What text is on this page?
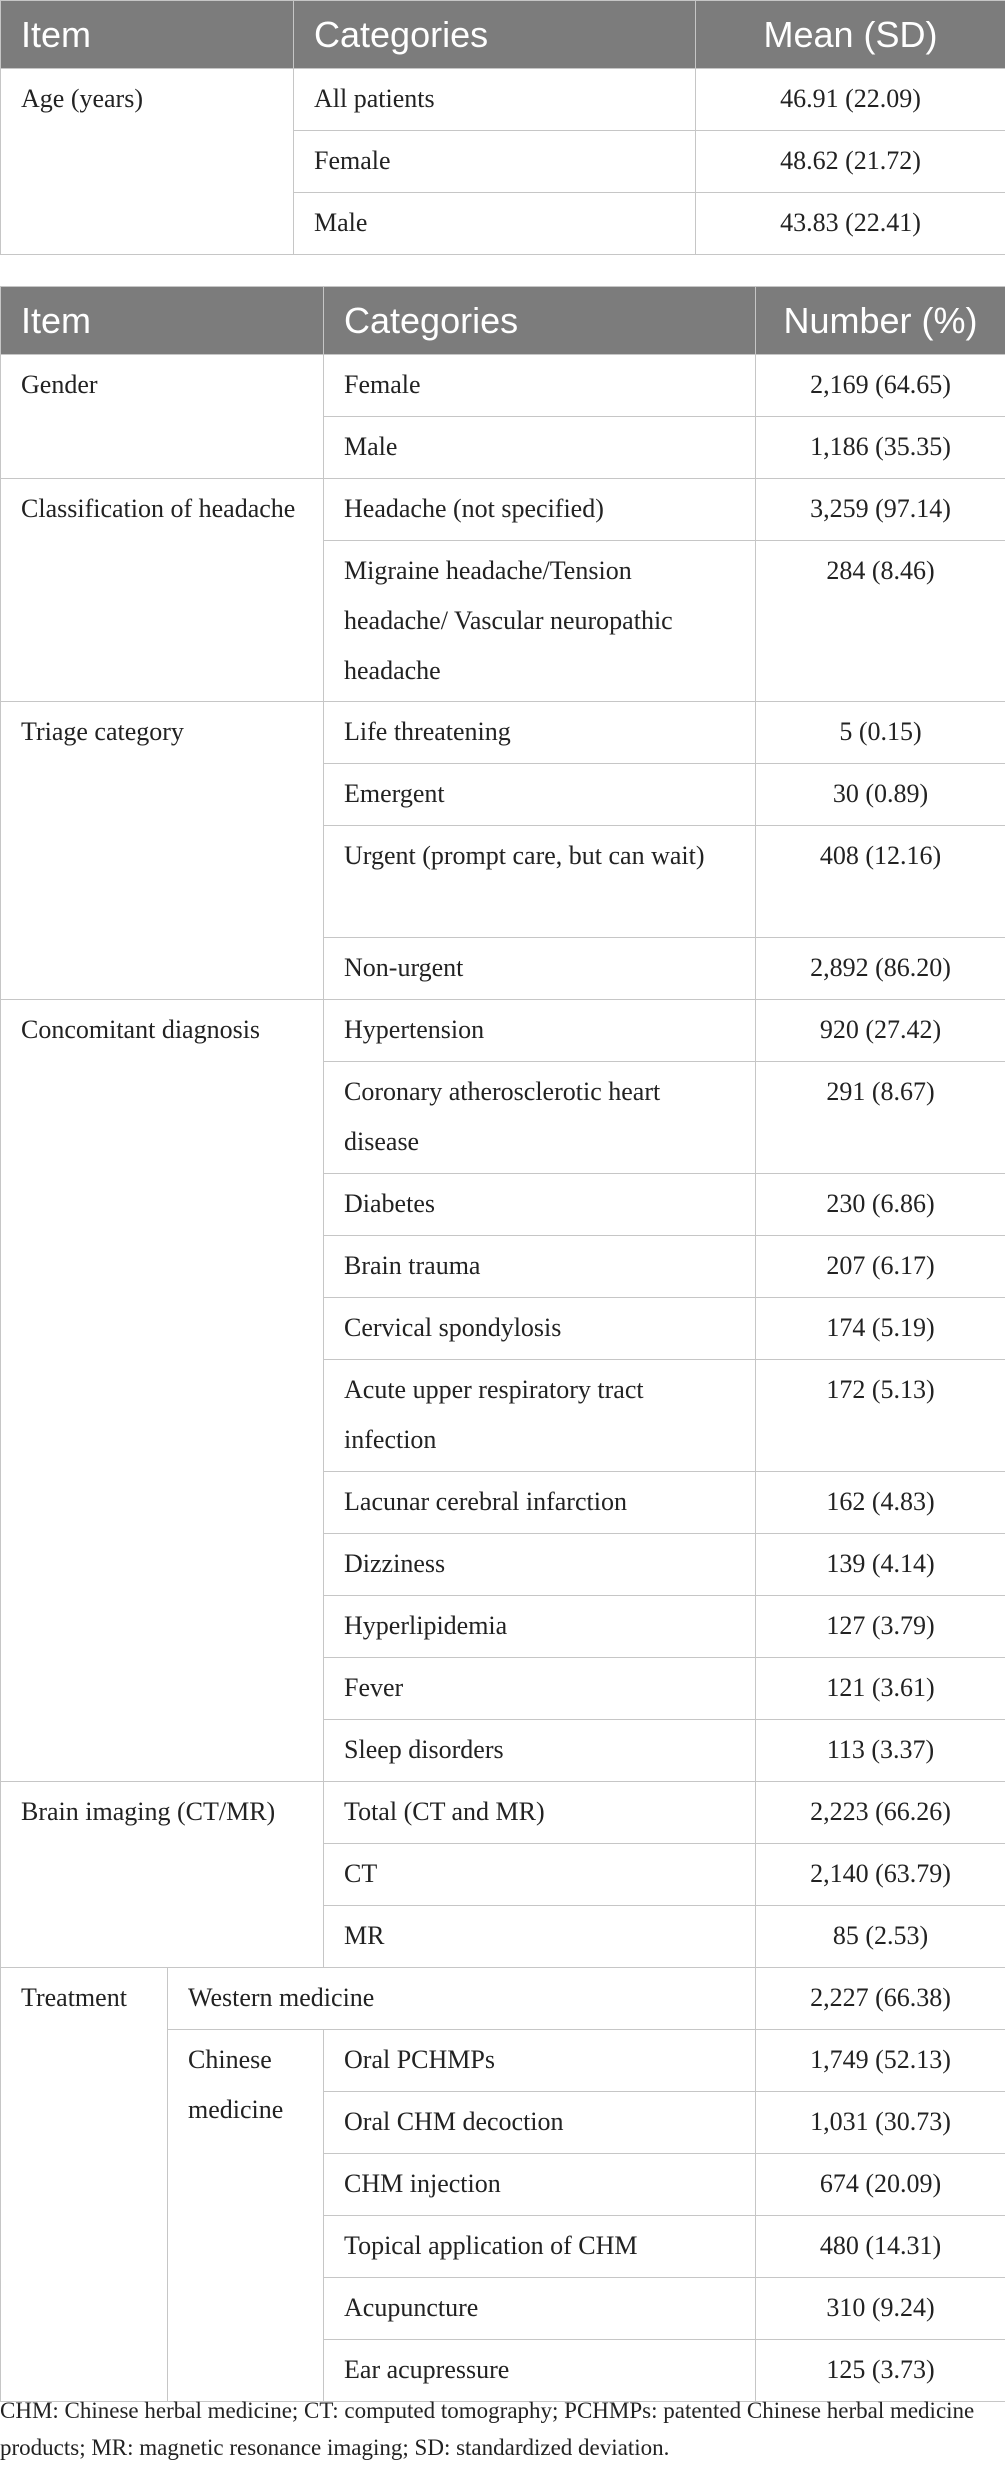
Item	Categories	Mean (SD)
Age (years)	All patients	46.91 (22.09)
	Female	48.62 (21.72)
	Male	43.83 (22.41)
Item		Categories	Number (%)
Gender		Female	2,169 (64.65)
		Male	1,186 (35.35)
Classification of headache		Headache (not specified)	3,259 (97.14)
		Migraine headache/Tension headache/ Vascular neuropathic headache	284 (8.46)
Triage category		Life threatening	5 (0.15)
		Emergent	30 (0.89)
		Urgent (prompt care, but can wait)	408 (12.16)
		Non-urgent	2,892 (86.20)
Concomitant diagnosis		Hypertension	920 (27.42)
		Coronary atherosclerotic heart disease	291 (8.67)
		Diabetes	230 (6.86)
		Brain trauma	207 (6.17)
		Cervical spondylosis	174 (5.19)
		Acute upper respiratory tract infection	172 (5.13)
		Lacunar cerebral infarction	162 (4.83)
		Dizziness	139 (4.14)
		Hyperlipidemia	127 (3.79)
		Fever	121 (3.61)
		Sleep disorders	113 (3.37)
Brain imaging (CT/MR)		Total (CT and MR)	2,223 (66.26)
		CT	2,140 (63.79)
		MR	85 (2.53)
Treatment	Western medicine		2,227 (66.38)
	Chinese medicine	Oral PCHMPs	1,749 (52.13)
		Oral CHM decoction	1,031 (30.73)
		CHM injection	674 (20.09)
		Topical application of CHM	480 (14.31)
		Acupuncture	310 (9.24)
		Ear acupressure	125 (3.73)
CHM: Chinese herbal medicine; CT: computed tomography; PCHMPs: patented Chinese herbal medicine products; MR: magnetic resonance imaging; SD: standardized deviation.
